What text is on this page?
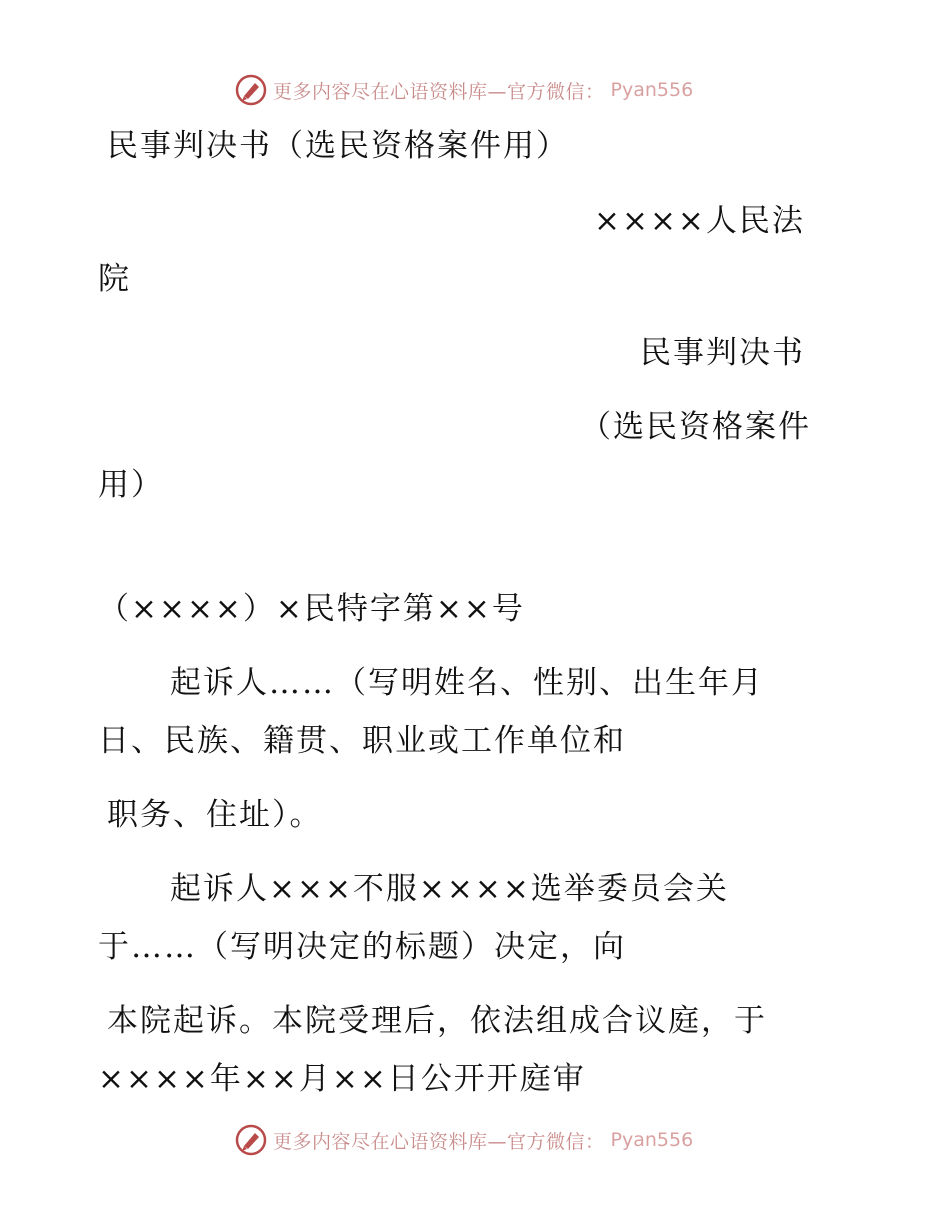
更多内容尽在心语资料库—官方微信： Pyan556
民事判决书（选民资格案件用）
××××人民法
院
民事判决书
（选民资格案件
用）
（××××）×民特字第××号
　　起诉人……（写明姓名、性别、出生年月
日、民族、籍贯、职业或工作单位和
职务、住址）。
　　起诉人×××不服××××选举委员会关
于……（写明决定的标题）决定，向
本院起诉。本院受理后，依法组成合议庭，于
××××年××月××日公开开庭审
更多内容尽在心语资料库—官方微信： Pyan556
